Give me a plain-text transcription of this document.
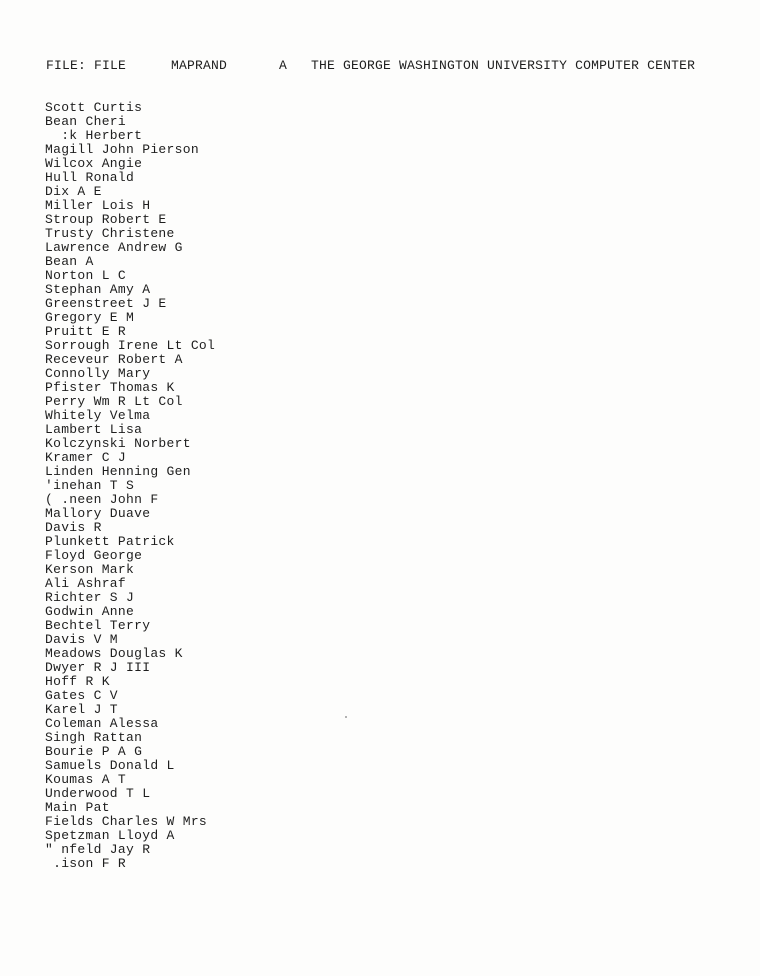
FILE: FILE	MAPRAND	A THE GEORGE WASHINGTON UNIVERSITY COMPUTER CENTER
Scott Curtis
Bean Cheri
:k Herbert
Magill John Pierson
Wilcox Angie
Hull Ronald
Dix A E
Miller Lois H
Stroup Robert E
Trusty Christene
Lawrence Andrew G
Bean A
Norton L C
Stephan Amy A
Greenstreet J E
Gregory E M
Pruitt E R
Sorrough Irene Lt Col
Receveur Robert A
Connolly Mary
Pfister Thomas K
Perry Wm R Lt Col
Whitely Velma
Lambert Lisa
Kolczynski Norbert
Kramer C J
Linden Henning Gen
'inehan T S
( .neen John F
Mallory Duave
Davis R
Plunkett Patrick
Floyd George
Kerson Mark
Ali Ashraf
Richter S J
Godwin Anne
Bechtel Terry
Davis V M
Meadows Douglas K
Dwyer R J III
Hoff R K
Gates C V
Karel J T
Coleman Alessa
Singh Rattan
Bourie P A G
Samuels Donald L
Koumas A T
Underwood T L
Main Pat
Fields Charles W Mrs
Spetzman Lloyd A
" nfeld Jay R
.ison F R
